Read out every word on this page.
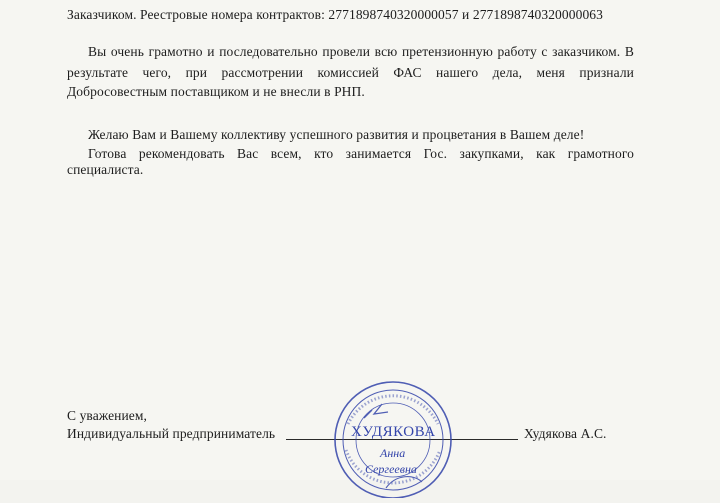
Заказчиком. Реестровые номера контрактов: 2771898740320000057 и 2771898740320000063
Вы очень грамотно и последовательно провели всю претензионную работу с заказчиком. В
результате чего, при рассмотрении комиссией ФАС нашего дела, меня признали
Добросовестным поставщиком и не внесли в РНП.
Желаю Вам и Вашему коллективу успешного развития и процветания в Вашем деле!
Готова рекомендовать Вас всем, кто занимается Гос. закупками, как грамотного
специалиста.
С уважением,
Индивидуальный предприниматель	Худякова А.С.
ХУДЯКОВА
Анна
Сергеевна
